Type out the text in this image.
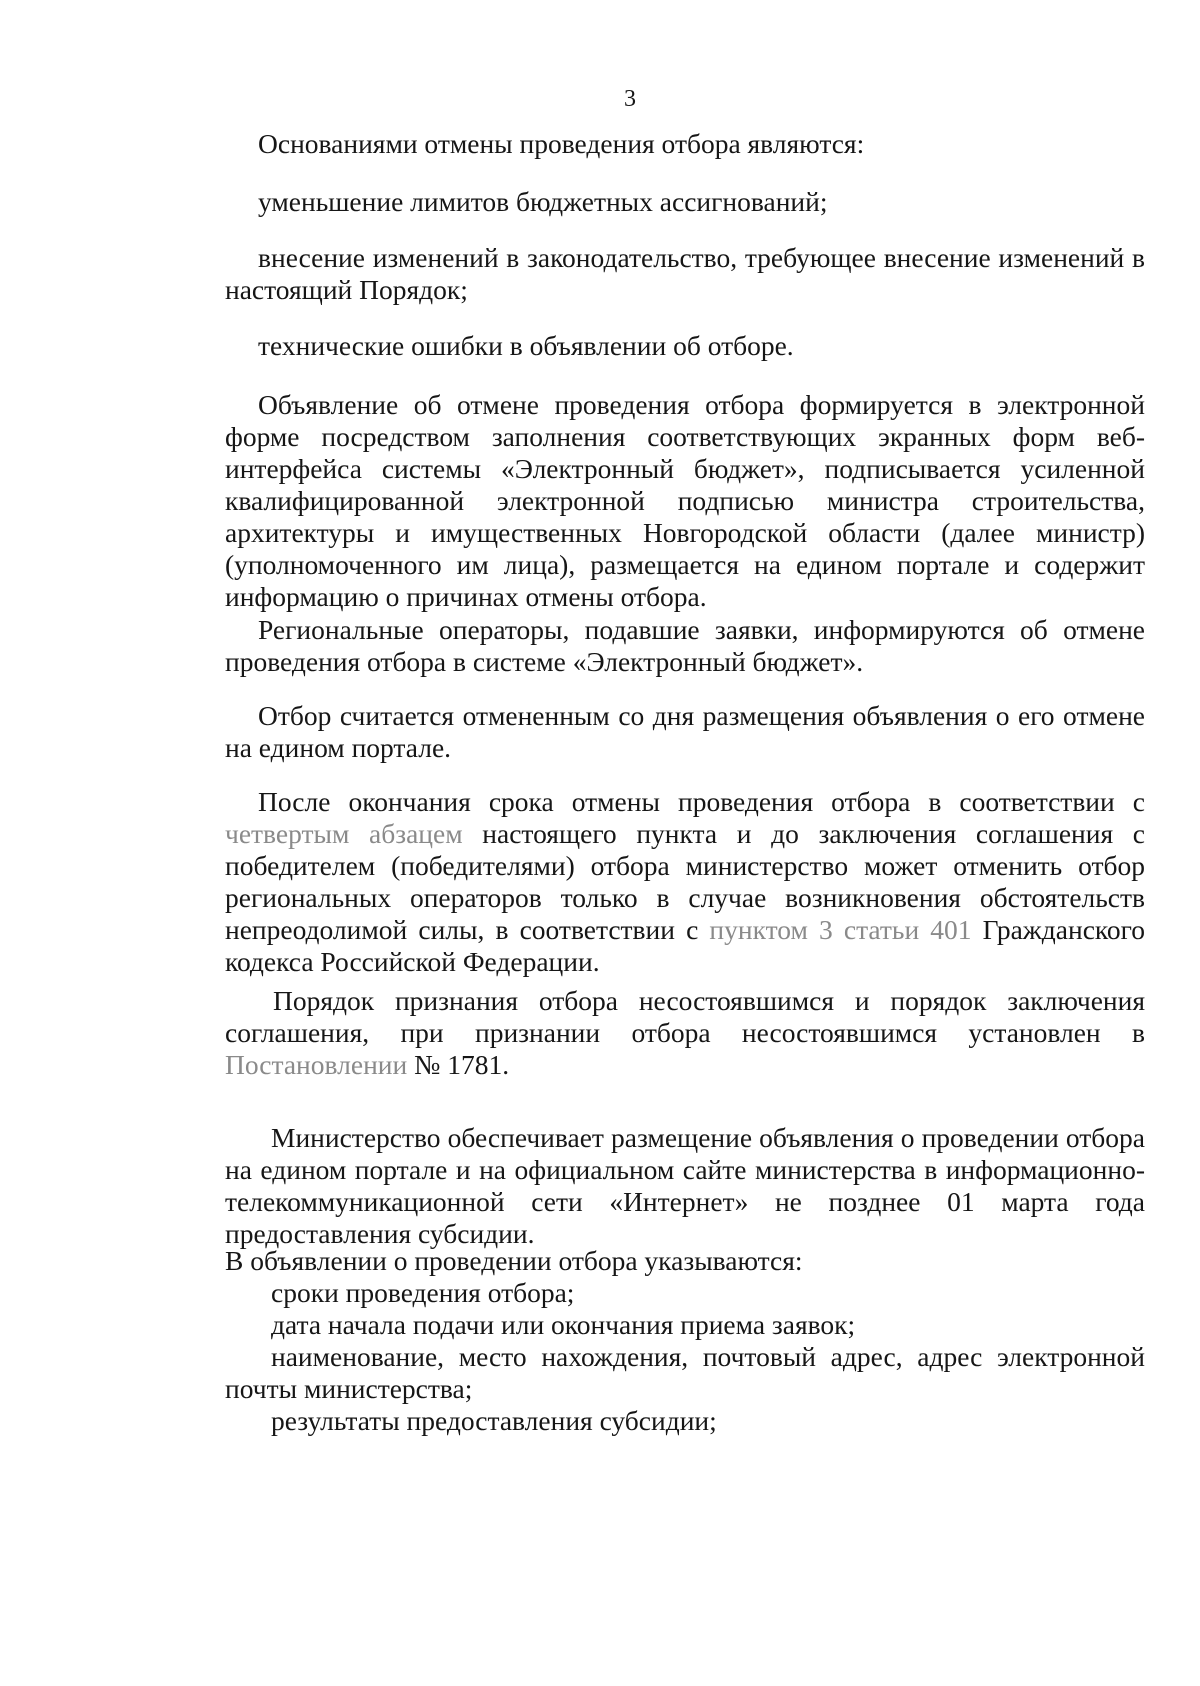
3

Основаниями отмены проведения отбора являются:

уменьшение лимитов бюджетных ассигнований;

внесение изменений в законодательство, требующее внесение изменений в настоящий Порядок;

технические ошибки в объявлении об отборе.

Объявление об отмене проведения отбора формируется в электронной форме посредством заполнения соответствующих экранных форм веб-интерфейса системы «Электронный бюджет», подписывается усиленной квалифицированной электронной подписью министра строительства, архитектуры и имущественных Новгородской области (далее министр) (уполномоченного им лица), размещается на едином портале и содержит информацию о причинах отмены отбора.

Региональные операторы, подавшие заявки, информируются об отмене проведения отбора в системе «Электронный бюджет».

Отбор считается отмененным со дня размещения объявления о его отмене на едином портале.

После окончания срока отмены проведения отбора в соответствии с четвертым абзацем настоящего пункта и до заключения соглашения с победителем (победителями) отбора министерство может отменить отбор региональных операторов только в случае возникновения обстоятельств непреодолимой силы, в соответствии с пунктом 3 статьи 401 Гражданского кодекса Российской Федерации.

Порядок признания отбора несостоявшимся и порядок заключения соглашения, при признании отбора несостоявшимся установлен в Постановлении № 1781.

Министерство обеспечивает размещение объявления о проведении отбора на едином портале и на официальном сайте министерства в информационно-телекоммуникационной сети «Интернет» не позднее 01 марта года предоставления субсидии.

В объявлении о проведении отбора указываются:

сроки проведения отбора;

дата начала подачи или окончания приема заявок;

наименование, место нахождения, почтовый адрес, адрес электронной почты министерства;

результаты предоставления субсидии;
